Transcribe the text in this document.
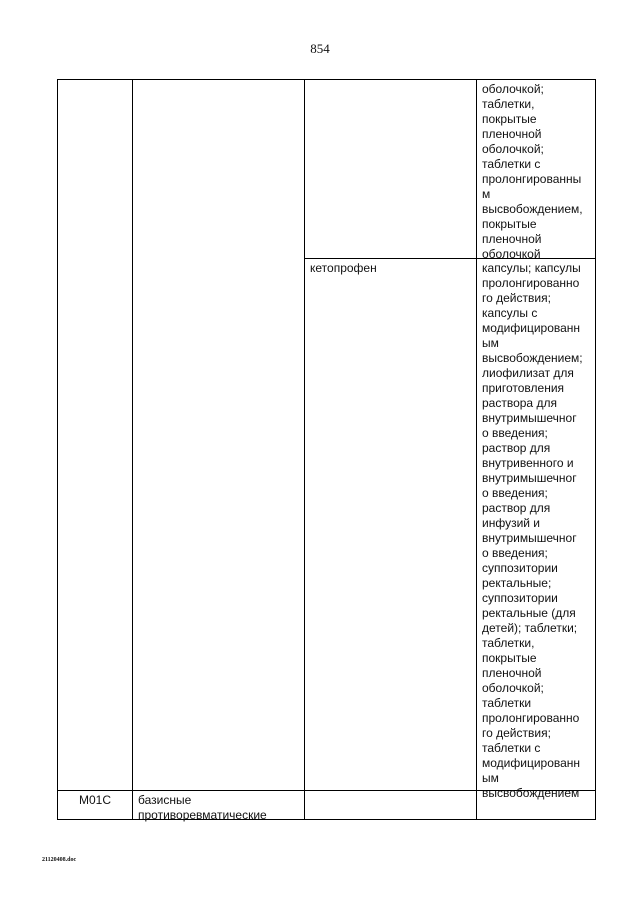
854
оболочкой;
таблетки,
покрытые
пленочной
оболочкой;
таблетки с
пролонгированны
м
высвобождением,
покрытые
пленочной
оболочкой
кетопрофен	капсулы; капсулы
пролонгированно
го действия;
капсулы с
модифицированн
ым
высвобождением;
лиофилизат для
приготовления
раствора для
внутримышечног
о введения;
раствор для
внутривенного и
внутримышечног
о введения;
раствор для
инфузий и
внутримышечног
о введения;
суппозитории
ректальные;
суппозитории
ректальные (для
детей); таблетки;
таблетки,
покрытые
пленочной
оболочкой;
таблетки
пролонгированно
го действия;
таблетки с
модифицированн
ым
высвобождением
М01С	базисные
противоревматические
21120408.doc
